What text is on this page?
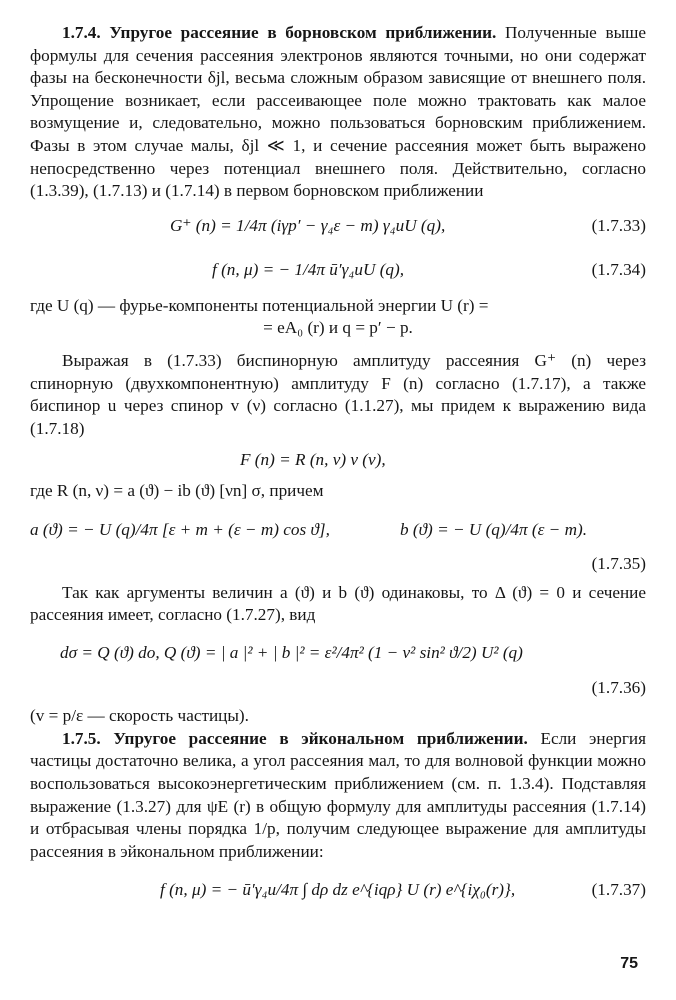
1.7.4. Упругое рассеяние в борновском приближении. Полученные выше формулы для сечения рассеяния электронов являются точными, но они содержат фазы на бесконечности δjl, весьма сложным образом зависящие от внешнего поля. Упрощение возникает, если рассеивающее поле можно трактовать как малое возмущение и, следовательно, можно пользоваться борновским приближением. Фазы в этом случае малы, δjl ≪ 1, и сечение рассеяния может быть выражено непосредственно через потенциал внешнего поля. Действительно, согласно (1.3.39), (1.7.13) и (1.7.14) в первом борновском приближении

G⁺ (n) = 1/4π (iγp′ − γ₄ε − m) γ₄uU (q),	(1.7.33)
f (n, μ) = − 1/4π ū′γ₄uU (q),	(1.7.34)

где U (q) — фурье-компоненты потенциальной энергии U (r) =

= eA₀ (r) и q = p′ − p.

Выражая в (1.7.33) биспинорную амплитуду рассеяния G⁺ (n) через спинорную (двухкомпонентную) амплитуду F (n) согласно (1.7.17), а также биспинор u через спинор v (ν) согласно (1.1.27), мы придем к выражению вида (1.7.18)

F (n) = R (n, ν) v (ν),

где R (n, ν) = a (ϑ) − ib (ϑ) [νn] σ, причем

a (ϑ) = − U (q)/4π [ε + m + (ε − m) cos ϑ],	b (ϑ) = − U (q)/4π (ε − m).
(1.7.35)

Так как аргументы величин a (ϑ) и b (ϑ) одинаковы, то Δ (ϑ) = 0 и сечение рассеяния имеет, согласно (1.7.27), вид

dσ = Q (ϑ) do, Q (ϑ) = | a |² + | b |² = ε²/4π² (1 − v² sin² ϑ/2) U² (q)
(1.7.36)

(v = p/ε — скорость частицы).

1.7.5. Упругое рассеяние в эйкональном приближении. Если энергия частицы достаточно велика, а угол рассеяния мал, то для волновой функции можно воспользоваться высокоэнергетическим приближением (см. п. 1.3.4). Подставляя выражение (1.3.27) для ψE (r) в общую формулу для амплитуды рассеяния (1.7.14) и отбрасывая члены порядка 1/p, получим следующее выражение для амплитуды рассеяния в эйкональном приближении:

f (n, μ) = − ū′γ₄u/4π ∫ dρ dz e^{iqρ} U (r) e^{iχ₀(r)},	(1.7.37)
75
